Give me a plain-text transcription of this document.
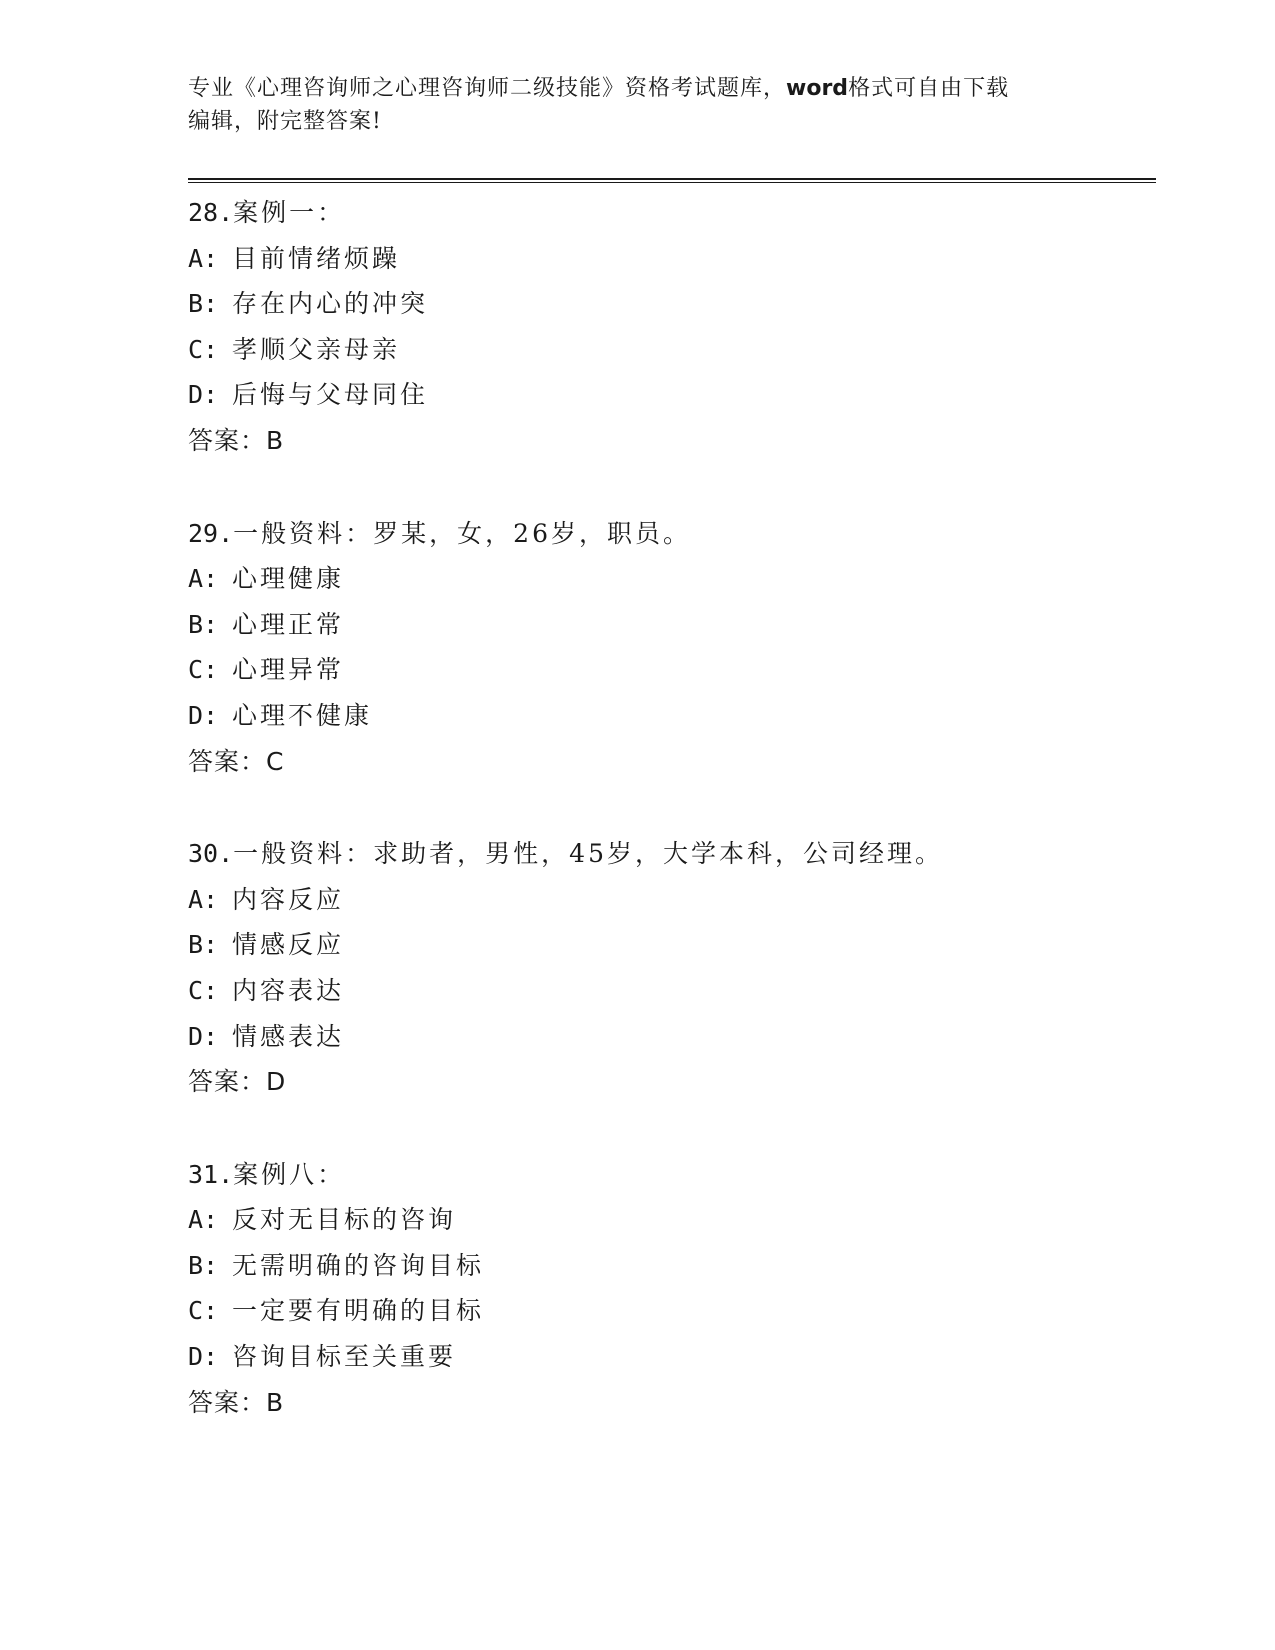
专业《心理咨询师之心理咨询师二级技能》资格考试题库，word格式可自由下载
编辑，附完整答案!
28.案例一：
A: 目前情绪烦躁
B: 存在内心的冲突
C: 孝顺父亲母亲
D: 后悔与父母同住
答案：B
29.一般资料：罗某，女，26岁，职员。
A: 心理健康
B: 心理正常
C: 心理异常
D: 心理不健康
答案：C
30.一般资料：求助者，男性，45岁，大学本科，公司经理。
A: 内容反应
B: 情感反应
C: 内容表达
D: 情感表达
答案：D
31.案例八：
A: 反对无目标的咨询
B: 无需明确的咨询目标
C: 一定要有明确的目标
D: 咨询目标至关重要
答案：B
